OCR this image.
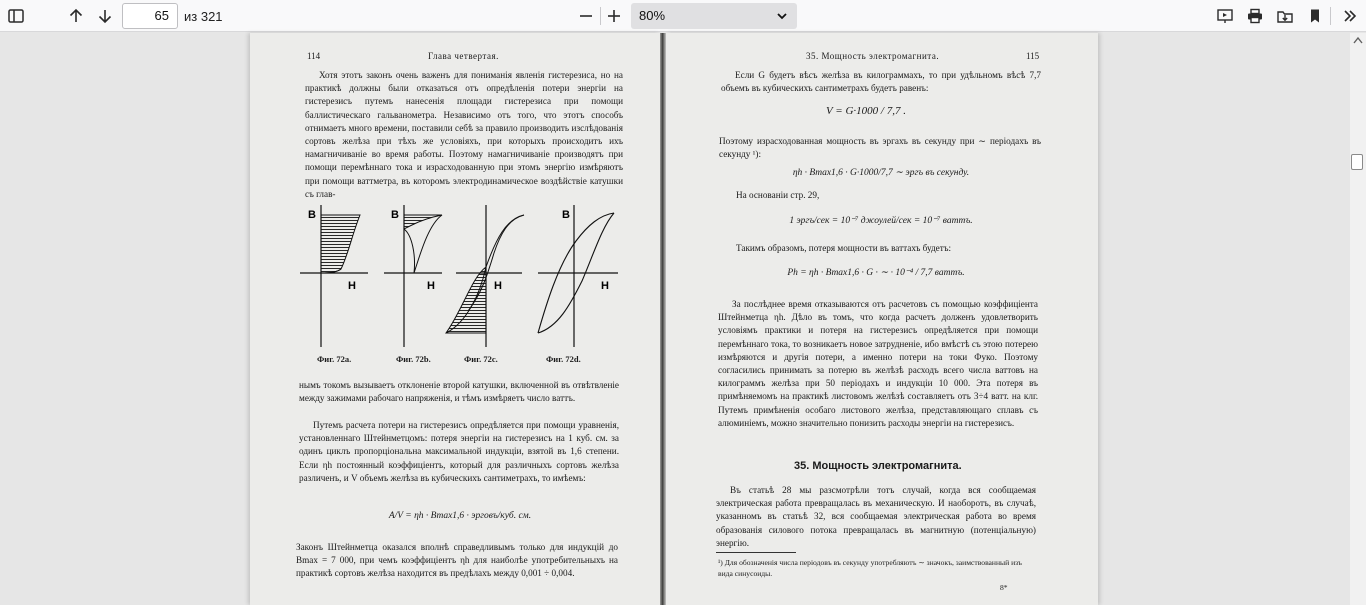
65	из 321	80%
114	Глава четвертая.

Хотя этотъ законъ очень важенъ для пониманія явленія гистерезиса, но на практикѣ должны были отказаться отъ опредѣленія потери энергіи на гистерезисъ путемъ нанесенія площади гистерезиса при помощи баллистическаго гальванометра. Независимо отъ того, что этотъ способъ отнимаетъ много времени, поставили себѣ за правило производить изслѣдованія сортовъ желѣза при тѣхъ же условіяхъ, при которыхъ происходитъ ихъ намагничиваніе во время работы. Поэтому намагничиваніе производятъ при помощи перемѣннаго тока и израсходованную при этомъ энергію измѣряютъ при помощи ваттметра, въ которомъ электродинамическое воздѣйствіе катушки съ глав-

B
H
B
H	H
B
H
Фиг. 72a.	Фиг. 72b.	Фиг. 72c.	Фиг. 72d.

нымъ токомъ вызываетъ отклоненіе второй катушки, включенной въ отвѣтвленіе между зажимами рабочаго напряженія, и тѣмъ измѣряетъ число ваттъ.

Путемъ расчета потери на гистерезисъ опредѣляется при помощи уравненія, установленнаго Штейнметцомъ: потеря энергіи на гистерезисъ на 1 куб. см. за одинъ циклъ пропорціональна максимальной индукціи, взятой въ 1,6 степени. Если ηh постоянный коэффиціентъ, который для различныхъ сортовъ желѣза различенъ, и V объемъ желѣза въ кубическихъ сантиметрахъ, то имѣемъ:

A/V = ηh · Bmax1,6 · эрговъ/куб. см.

Законъ Штейнметца оказался вполнѣ справедливымъ только для индукцій до Bmax = 7 000, при чемъ коэффиціентъ ηh для наиболѣе употребительныхъ на практикѣ сортовъ желѣза находится въ предѣлахъ между 0,001 ÷ 0,004.

35. Мощность электромагнита.	115

Если G будетъ вѣсъ желѣза въ килограммахъ, то при удѣльномъ вѣсѣ 7,7 объемъ въ кубическихъ сантиметрахъ будетъ равенъ:

V = G·1000 / 7,7 .

Поэтому израсходованная мощность въ эргахъ въ секунду при ∼ періодахъ въ секунду ¹):

ηh · Bmax1,6 · G·1000/7,7 ∼ эргъ въ секунду.

На основаніи стр. 29,

1 эргъ/сек = 10⁻⁷ джоулей/сек = 10⁻⁷ ваттъ.

Такимъ образомъ, потеря мощности въ ваттахъ будетъ:

Ph = ηh · Bmax1,6 · G · ∼ · 10⁻⁴ / 7,7 ваттъ.

За послѣднее время отказываются отъ расчетовъ съ помощью коэффиціента Штейнметца ηh. Дѣло въ томъ, что когда расчетъ долженъ удовлетворить условіямъ практики и потеря на гистерезисъ опредѣляется при помощи перемѣннаго тока, то возникаетъ новое затрудненіе, ибо вмѣстѣ съ этою потерею измѣряются и другія потери, а именно потери на токи Фуко. Поэтому согласились принимать за потерю въ желѣзѣ расходъ всего числа ваттовъ на килограммъ желѣза при 50 періодахъ и индукціи 10 000. Эта потеря въ примѣняемомъ на практикѣ листовомъ желѣзѣ составляетъ отъ 3÷4 ватт. на клг. Путемъ примѣненія особаго листового желѣза, представляющаго сплавъ съ алюминіемъ, можно значительно понизить расходы энергіи на гистерезисъ.

35. Мощность электромагнита.

Въ статьѣ 28 мы разсмотрѣли тотъ случай, когда вся сообщаемая электрическая работа превращалась въ механическую. И наоборотъ, въ случаѣ, указанномъ въ статьѣ 32, вся сообщаемая электрическая работа во время образованія силового потока превращалась въ магнитную (потенціальную) энергію.

¹) Для обозначенія числа періодовъ въ секунду употребляютъ ∼ значокъ, заимствованный изъ вида синусоиды.
8*
